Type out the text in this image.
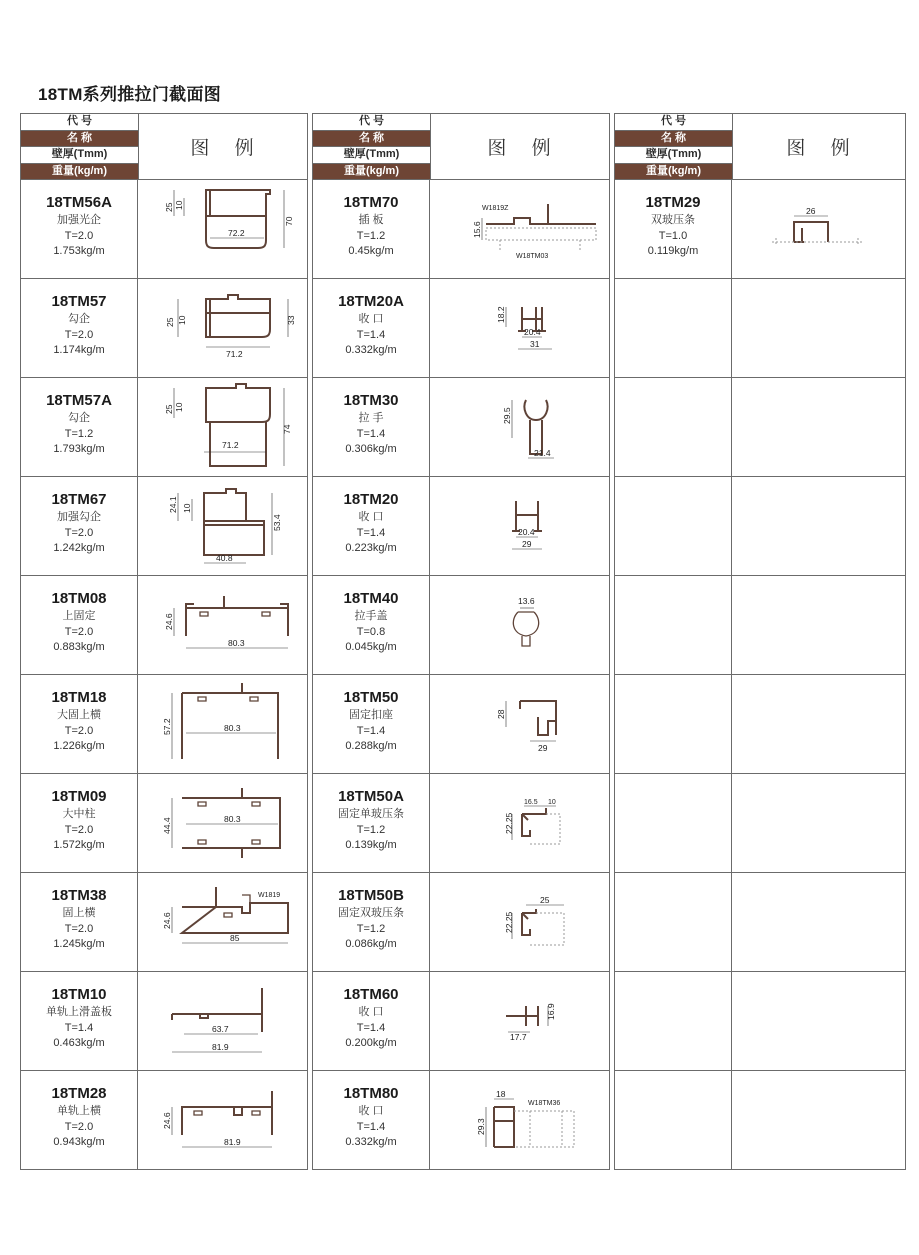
18TM系列推拉门截面图
代 号
名 称
壁厚(Tmm)
重量(kg/m)
图 例
18TM56A
加强光企
T=2.0
1.753kg/m
25 10
72.2
70
18TM57
勾企
T=2.0
1.174kg/m
25 10
71.2
33
18TM57A
勾企
T=1.2
1.793kg/m
25 10
71.2
74
18TM67
加强勾企
T=2.0
1.242kg/m
24.1 10
40.8
53.4
18TM08
上固定
T=2.0
0.883kg/m
24.6
80.3
18TM18
大固上横
T=2.0
1.226kg/m
57.2	80.3
18TM09
大中柱
T=2.0
1.572kg/m
44.4	80.3
18TM38
固上横
T=2.0
1.245kg/m
24.6
85
W1819
18TM10
单轨上滑盖板
T=1.4
0.463kg/m
63.7
81.9
18TM28
单轨上横
T=2.0
0.943kg/m
24.6
81.9
代 号
名 称
壁厚(Tmm)
重量(kg/m)
图 例
18TM70
插 板
T=1.2
0.45kg/m
W1819Z
15.6
W18TM03
18TM20A
收 口
T=1.4
0.332kg/m
18.2
20.4
31
18TM30
拉 手
T=1.4
0.306kg/m
29.5
21.4
18TM20
收 口
T=1.4
0.223kg/m
20.4
29
18TM40
拉手盖
T=0.8
0.045kg/m
13.6
18TM50
固定扣座
T=1.4
0.288kg/m
28
29
18TM50A
固定单玻压条
T=1.2
0.139kg/m
16.5 10
22.25
18TM50B
固定双玻压条
T=1.2
0.086kg/m
25
22.25
18TM60
收 口
T=1.4
0.200kg/m
16.9
17.7
18TM80
收 口
T=1.4
0.332kg/m
18
W18TM36
29.3
代 号
名 称
壁厚(Tmm)
重量(kg/m)
图 例
18TM29
双玻压条
T=1.0
0.119kg/m
26
